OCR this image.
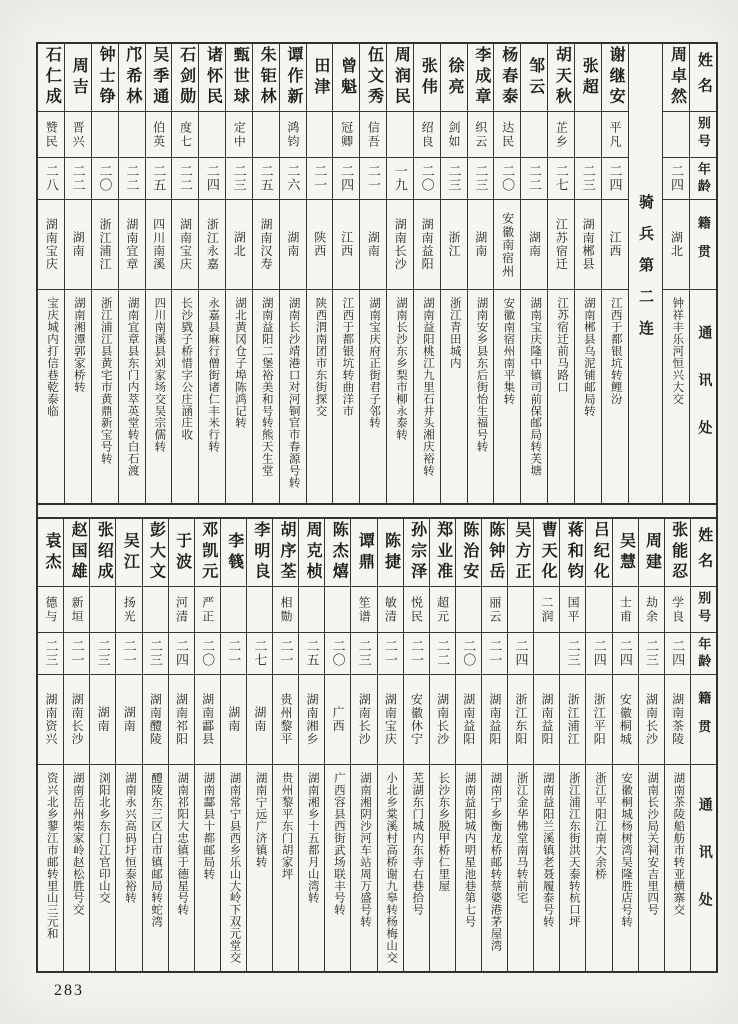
姓名
别号
年龄
籍贯
通讯处
周卓然
二四
湖北
钟祥丰乐河恒兴大交
骑兵第二连
谢继安
平凡
二四
江西
江西于都银坑转鲤汾
张超
二三
湖南郴县
湖南郴县乌泥铺邮局转
胡天秋
芷乡
二七
江苏宿迁
江苏宿迁前马路口
邹云
二二
湖南
湖南宝庆隆中镇司前保邮局转芙塘
杨春泰
达民
二〇
安徽南宿州
安徽南宿州南平集转
李成章
织云
二三
湖南
湖南安乡县东后街怡生福号转
徐亮
剑如
二三
浙江
浙江青田城内
张伟
绍良
二〇
湖南益阳
湖南益阳桃江九里石井头湘庆裕转
周润民
一九
湖南长沙
湖南长沙东乡梨市柳永泰转
伍文秀
信吾
二一
湖南
湖南宝庆府正街君子邻转
曾魁
冠卿
二四
江西
江西于都银坑转曲洋市
田津
二一
陕西
陕西渭南团市东街探交
谭作新
鸿钧
二六
湖南
湖南长沙靖港口对河铜官市春源号转
朱钜林
二五
湖南汉寿
湖南益阳二堡裕美和号转熊天生堂
甄世球
定中
二三
湖北
湖北黄冈仓子埠陈鸿记转
诸怀民
二四
浙江永嘉
永嘉县麻行僧街诸仁丰米行转
石剑勋
度七
二二
湖南宝庆
长沙戥子桥惜字公庄涵庄收
吴季通
伯英
二五
四川南溪
四川南溪县刘家场交吴宗儒转
邝希林
二二
湖南宜章
湖南宜章县东门内萃英堂转白石渡
钟士铮
二〇
浙江浦江
浙江浦江县黄宅市黄鼎新宝号转
周吉
晋兴
二二
湖南
湖南湘潭郭家桥转
石仁成
赞民
二八
湖南宝庆
宝庆城内打信巷乾泰临
姓名
别号
年龄
籍贯
通讯处
张能忍
学良
二四
湖南茶陵
湖南茶陵船舫市转亚横寨交
周建
劫余
二三
湖南长沙
湖南长沙局关祠安吉里四号
吴慧
士甫
二四
安徽桐城
安徽桐城杨树湾吴隆胜店号转
吕纪化
二四
浙江平阳
浙江平阳江南大余桥
蒋和钧
国平
二三
浙江浦江
浙江浦江东街洪天泰转杭口坪
曹天化
二润
湖南益阳
湖南益阳兰溪镇老聂履泰号转
吴方正
二四
浙江东阳
浙江金华佛堂南马转前宅
陈钟岳
丽云
二一
湖南益阳
湖南宁乡衡龙桥邮转蔡婆港茅屋湾
陈治安
二〇
湖南益阳
湖南益阳城内明星池巷第七号
郑业准
超元
二二
湖南长沙
长沙东乡脱甲桥仁里屋
孙宗泽
悦民
二一
安徽休宁
芜湖东门城内东寺右巷拾号
陈捷
敏清
二一
湖南宝庆
小北乡棠溪村高桥谢九皋转杨梅山交
谭鼎
笙谱
二三
湖南长沙
湖南湘阴沙河车站周万盛号转
陈杰熺
二〇
广西
广西容县西街武场联丰号转
周克桢
二五
湖南湘乡
湖南湘乡十五都月山湾转
胡序荃
相勚
二一
贵州黎平
贵州黎平东门胡家坪
李明良
二七
湖南
湖南宁远广济镇转
李篯
二一
湖南
湖南常宁县西乡乐山大岭下双元堂交
邓凯元
严正
二〇
湖南酃县
湖南酃县十都邮局转
于波
河清
二四
湖南祁阳
湖南祁阳大忠镇于德星号转
彭大文
二三
湖南醴陵
醴陵东三区白市镇邮局转蛇湾
吴江
扬光
二一
湖南
湖南永兴高码圩恒泰裕转
张绍成
二三
湖南
浏阳北乡东门江官印山交
赵国雄
新垣
二一
湖南长沙
湖南岳州柴家岭赵松胜号交
袁杰
德与
二三
湖南资兴
资兴北乡蓼江市邮转里山三元和
283
